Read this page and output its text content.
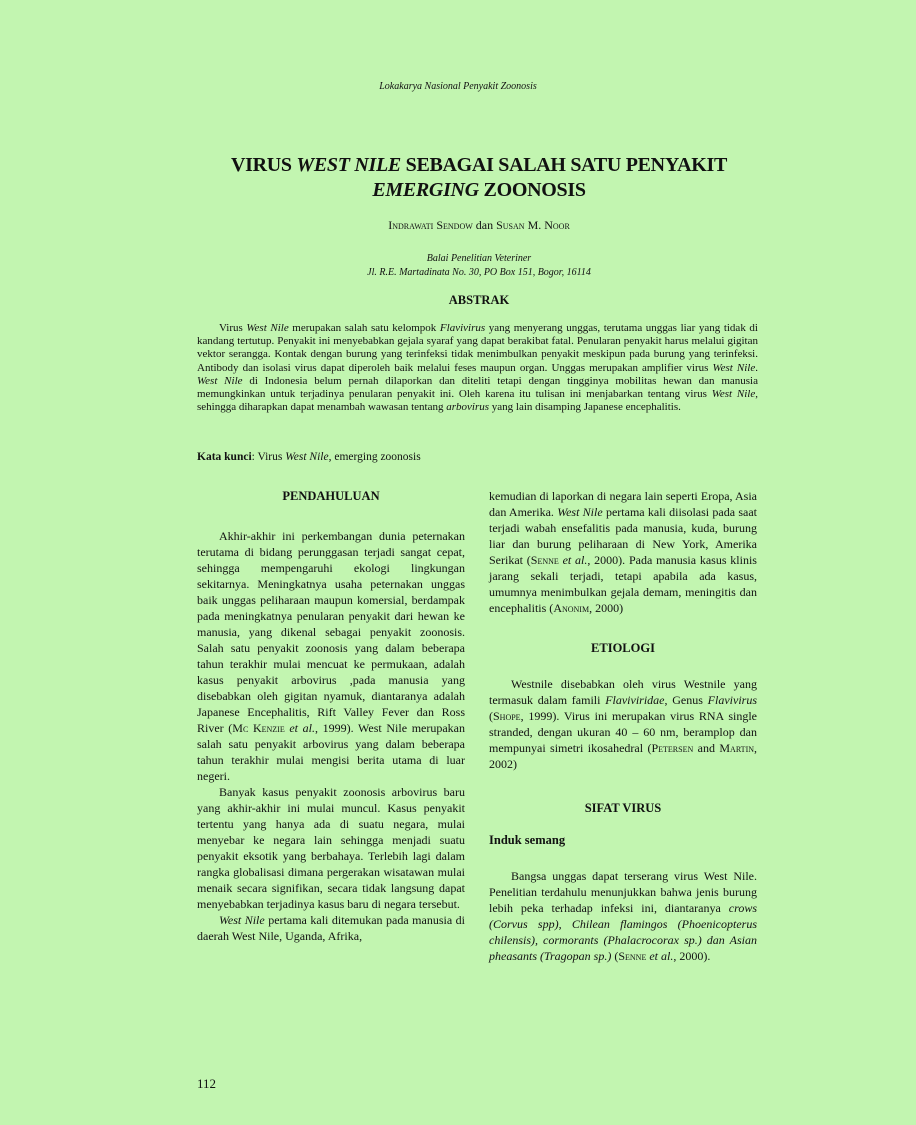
Lokakarya Nasional Penyakit Zoonosis
VIRUS WEST NILE SEBAGAI SALAH SATU PENYAKIT
EMERGING ZOONOSIS
Indrawati Sendow dan Susan M. Noor
Balai Penelitian Veteriner
Jl. R.E. Martadinata No. 30, PO Box 151, Bogor, 16114
ABSTRAK

Virus West Nile merupakan salah satu kelompok Flavivirus yang menyerang unggas, terutama unggas liar yang tidak di kandang tertutup. Penyakit ini menyebabkan gejala syaraf yang dapat berakibat fatal. Penularan penyakit harus melalui gigitan vektor serangga. Kontak dengan burung yang terinfeksi tidak menimbulkan penyakit meskipun pada burung yang terinfeksi. Antibody dan isolasi virus dapat diperoleh baik melalui feses maupun organ. Unggas merupakan amplifier virus West Nile. West Nile di Indonesia belum pernah dilaporkan dan diteliti tetapi dengan tingginya mobilitas hewan dan manusia memungkinkan untuk terjadinya penularan penyakit ini. Oleh karena itu tulisan ini menjabarkan tentang virus West Nile, sehingga diharapkan dapat menambah wawasan tentang arbovirus yang lain disamping Japanese encephalitis.

Kata kunci: Virus West Nile, emerging zoonosis

PENDAHULUAN

Akhir-akhir ini perkembangan dunia peternakan terutama di bidang perunggasan terjadi sangat cepat, sehingga mempengaruhi ekologi lingkungan sekitarnya. Meningkatnya usaha peternakan unggas baik unggas peliharaan maupun komersial, berdampak pada meningkatnya penularan penyakit dari hewan ke manusia, yang dikenal sebagai penyakit zoonosis. Salah satu penyakit zoonosis yang dalam beberapa tahun terakhir mulai mencuat ke permukaan, adalah kasus penyakit arbovirus ,pada manusia yang disebabkan oleh gigitan nyamuk, diantaranya adalah Japanese Encephalitis, Rift Valley Fever dan Ross River (Mc Kenzie et al., 1999). West Nile merupakan salah satu penyakit arbovirus yang dalam beberapa tahun terakhir mulai mengisi berita utama di luar negeri.

Banyak kasus penyakit zoonosis arbovirus baru yang akhir-akhir ini mulai muncul. Kasus penyakit tertentu yang hanya ada di suatu negara, mulai menyebar ke negara lain sehingga menjadi suatu penyakit eksotik yang berbahaya. Terlebih lagi dalam rangka globalisasi dimana pergerakan wisatawan mulai menaik secara signifikan, secara tidak langsung dapat menyebabkan terjadinya kasus baru di negara tersebut.

West Nile pertama kali ditemukan pada manusia di daerah West Nile, Uganda, Afrika,

kemudian di laporkan di negara lain seperti Eropa, Asia dan Amerika. West Nile pertama kali diisolasi pada saat terjadi wabah ensefalitis pada manusia, kuda, burung liar dan burung peliharaan di New York, Amerika Serikat (Senne et al., 2000). Pada manusia kasus klinis jarang sekali terjadi, tetapi apabila ada kasus, umumnya menimbulkan gejala demam, meningitis dan encephalitis (Anonim, 2000)

ETIOLOGI

Westnile disebabkan oleh virus Westnile yang termasuk dalam famili Flaviviridae, Genus Flavivirus (Shope, 1999). Virus ini merupakan virus RNA single stranded, dengan ukuran 40 – 60 nm, beramplop dan mempunyai simetri ikosahedral (Petersen and Martin, 2002)

SIFAT VIRUS

Induk semang

Bangsa unggas dapat terserang virus West Nile. Penelitian terdahulu menunjukkan bahwa jenis burung lebih peka terhadap infeksi ini, diantaranya crows (Corvus spp), Chilean flamingos (Phoenicopterus chilensis), cormorants (Phalacrocorax sp.) dan Asian pheasants (Tragopan sp.) (Senne et al., 2000).

112
